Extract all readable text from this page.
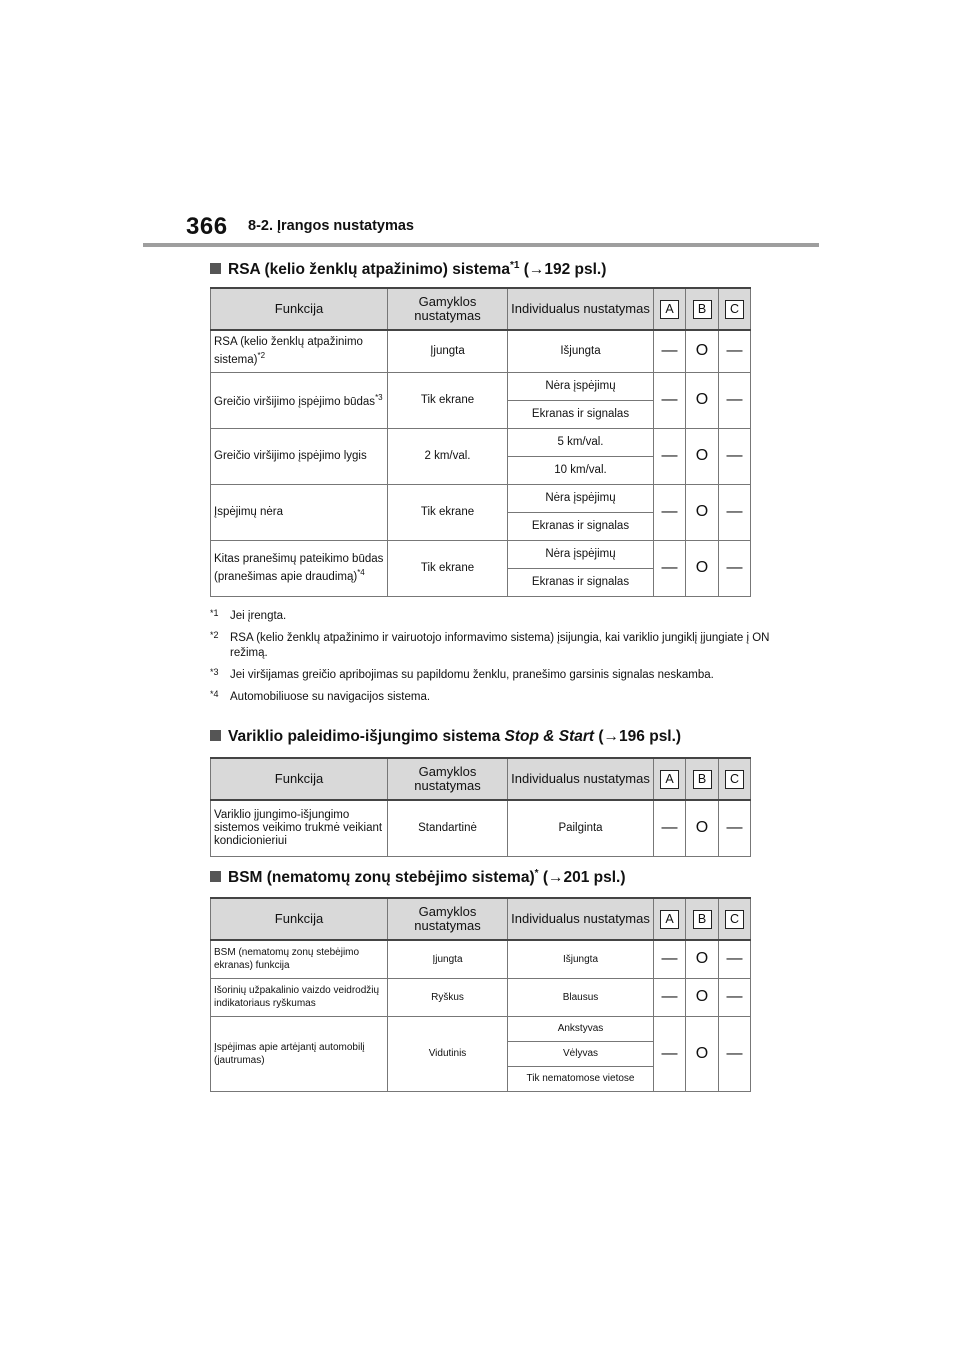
366 8-2. Įrangos nustatymas
RSA (kelio ženklų atpažinimo) sistema$^{*1}$ (→192 psl.)
Funkcija	Gamyklos nustatymas	Individualus nustatymas	A	B	C
RSA (kelio ženklų atpažinimo sistema)$^{*2}$	Įjungta	Išjungta	—	O	—
Greičio viršijimo įspėjimo būdas$^{*3}$	Tik ekrane	Nėra įspėjimų	—	O	—
		Ekranas ir signalas			
Greičio viršijimo įspėjimo lygis	2 km/val.	5 km/val.	—	O	—
		10 km/val.			
Įspėjimų nėra	Tik ekrane	Nėra įspėjimų	—	O	—
		Ekranas ir signalas			
Kitas pranešimų pateikimo būdas (pranešimas apie draudimą)$^{*4}$	Tik ekrane	Nėra įspėjimų	—	O	—
		Ekranas ir signalas			
*1 Jei įrengta.
*2 RSA (kelio ženklų atpažinimo ir vairuotojo informavimo sistema) įsijungia, kai variklio jungiklį įjungiate į ON režimą.
*3 Jei viršijamas greičio apribojimas su papildomu ženklu, pranešimo garsinis signalas neskamba.
*4 Automobiliuose su navigacijos sistema.
Variklio paleidimo-išjungimo sistema Stop & Start (→196 psl.)
Funkcija	Gamyklos nustatymas	Individualus nustatymas	A	B	C
Variklio įjungimo-išjungimo sistemos veikimo trukmė veikiant kondicionieriui	Standartinė	Pailginta	—	O	—
BSM (nematomų zonų stebėjimo sistema)* (→201 psl.)
Funkcija	Gamyklos nustatymas	Individualus nustatymas	A	B	C
BSM (nematomų zonų stebėjimo ekranas) funkcija	Įjungta	Išjungta	—	O	—
Išorinių užpakalinio vaizdo veidrodžių indikatoriaus ryškumas	Ryškus	Blausus	—	O	—
Įspėjimas apie artėjantį automobilį (jautrumas)	Vidutinis	Ankstyvas	—	O	—
		Vėlyvas			
		Tik nematomose vietose			
